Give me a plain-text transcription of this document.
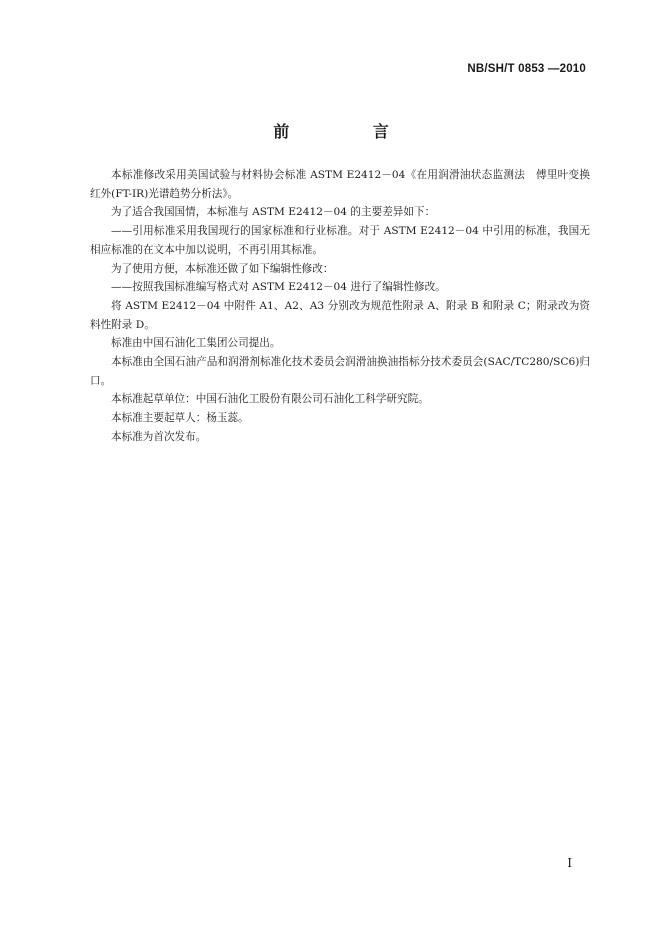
NB/SH/T 0853 —2010
前 言

本标准修改采用美国试验与材料协会标准 ASTM E2412－04《在用润滑油状态监测法　傅里叶变换红外(FT-IR)光谱趋势分析法》。

为了适合我国国情，本标准与 ASTM E2412－04 的主要差异如下：

——引用标准采用我国现行的国家标准和行业标准。对于 ASTM E2412－04 中引用的标准，我国无相应标准的在文本中加以说明，不再引用其标准。

为了使用方便，本标准还做了如下编辑性修改：

——按照我国标准编写格式对 ASTM E2412－04 进行了编辑性修改。

将 ASTM E2412－04 中附件 A1、A2、A3 分别改为规范性附录 A、附录 B 和附录 C；附录改为资料性附录 D。

标准由中国石油化工集团公司提出。

本标准由全国石油产品和润滑剂标准化技术委员会润滑油换油指标分技术委员会(SAC/TC280/SC6)归口。

本标准起草单位：中国石油化工股份有限公司石油化工科学研究院。

本标准主要起草人：杨玉蕊。

本标准为首次发布。

I
